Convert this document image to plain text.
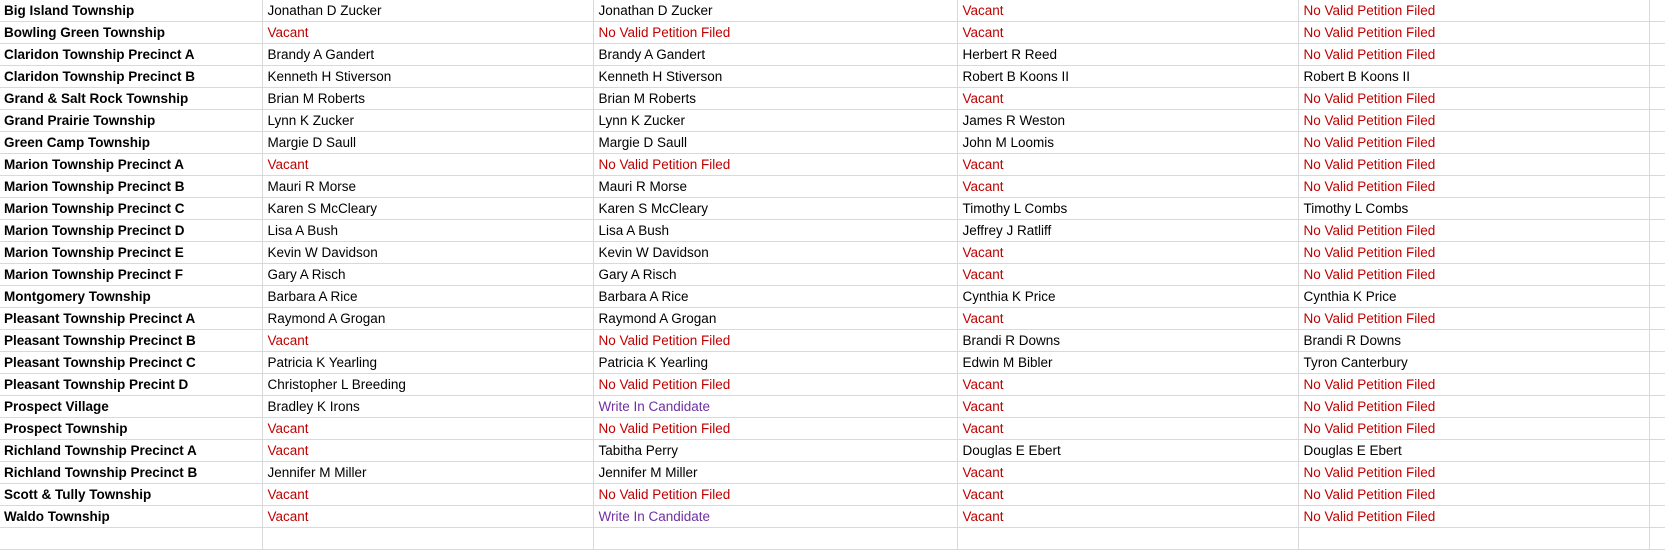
Big Island Township	Jonathan D Zucker	Jonathan D Zucker	Vacant	No Valid Petition Filed	
Bowling Green Township	Vacant	No Valid Petition Filed	Vacant	No Valid Petition Filed	
Claridon Township Precinct A	Brandy A Gandert	Brandy A Gandert	Herbert R Reed	No Valid Petition Filed	
Claridon Township Precinct B	Kenneth H Stiverson	Kenneth H Stiverson	Robert B Koons II	Robert B Koons II	
Grand & Salt Rock Township	Brian M Roberts	Brian M Roberts	Vacant	No Valid Petition Filed	
Grand Prairie Township	Lynn K Zucker	Lynn K Zucker	James R Weston	No Valid Petition Filed	
Green Camp Township	Margie D Saull	Margie D Saull	John M Loomis	No Valid Petition Filed	
Marion Township Precinct A	Vacant	No Valid Petition Filed	Vacant	No Valid Petition Filed	
Marion Township Precinct B	Mauri R Morse	Mauri R Morse	Vacant	No Valid Petition Filed	
Marion Township Precinct C	Karen S McCleary	Karen S McCleary	Timothy L Combs	Timothy L Combs	
Marion Township Precinct D	Lisa A Bush	Lisa A Bush	Jeffrey J Ratliff	No Valid Petition Filed	
Marion Township Precinct E	Kevin W Davidson	Kevin W Davidson	Vacant	No Valid Petition Filed	
Marion Township Precinct F	Gary A Risch	Gary A Risch	Vacant	No Valid Petition Filed	
Montgomery Township	Barbara A Rice	Barbara A Rice	Cynthia K Price	Cynthia K Price	
Pleasant Township Precinct A	Raymond A Grogan	Raymond A Grogan	Vacant	No Valid Petition Filed	
Pleasant Township Precinct B	Vacant	No Valid Petition Filed	Brandi R Downs	Brandi R Downs	
Pleasant Township Precinct C	Patricia K Yearling	Patricia K Yearling	Edwin M Bibler	Tyron Canterbury	
Pleasant Township Precint D	Christopher L Breeding	No Valid Petition Filed	Vacant	No Valid Petition Filed	
Prospect Village	Bradley K Irons	Write In Candidate	Vacant	No Valid Petition Filed	
Prospect Township	Vacant	No Valid Petition Filed	Vacant	No Valid Petition Filed	
Richland Township Precinct A	Vacant	Tabitha Perry	Douglas E Ebert	Douglas E Ebert	
Richland Township Precinct B	Jennifer M Miller	Jennifer M Miller	Vacant	No Valid Petition Filed	
Scott & Tully Township	Vacant	No Valid Petition Filed	Vacant	No Valid Petition Filed	
Waldo Township	Vacant	Write In Candidate	Vacant	No Valid Petition Filed	
